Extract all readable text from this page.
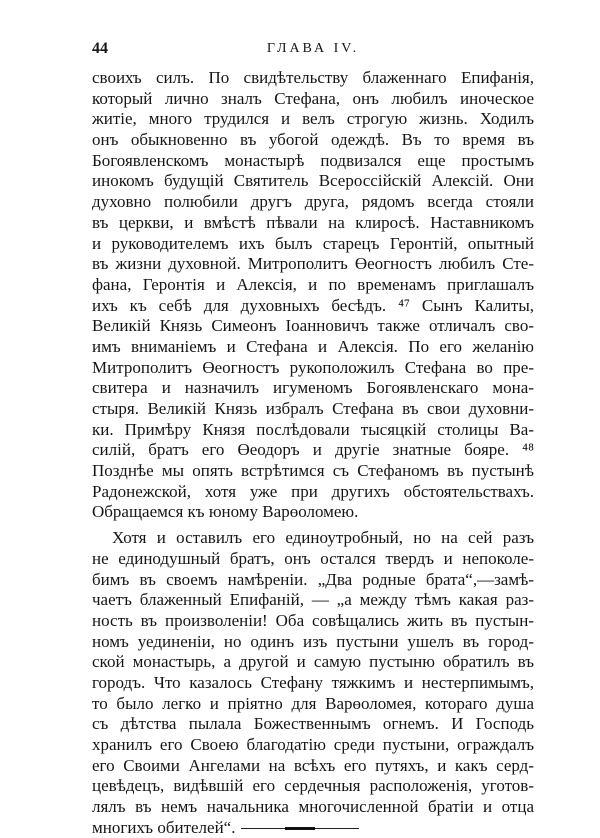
44	ГЛАВА IV.
своихъ силъ. По свидѣтельству блаженнаго Епифанія,
который лично зналъ Стефана, онъ любилъ иноческое
житіе, много трудился и велъ строгую жизнь. Ходилъ
онъ обыкновенно въ убогой одеждѣ. Въ то время въ
Богоявленскомъ монастырѣ подвизался еще простымъ
инокомъ будущій Святитель Всероссійскій Алексій. Они
духовно полюбили другъ друга, рядомъ всегда стояли
въ церкви, и вмѣстѣ пѣвали на клиросѣ. Наставникомъ
и руководителемъ ихъ былъ старецъ Геронтій, опытный
въ жизни духовной. Митрополитъ Өеогностъ любилъ Сте-
фана, Геронтія и Алексія, и по временамъ приглашалъ
ихъ къ себѣ для духовныхъ бесѣдъ. ⁴⁷ Сынъ Калиты,
Великій Князь Симеонъ Іоанновичъ также отличалъ сво-
имъ вниманіемъ и Стефана и Алексія. По его желанію
Митрополитъ Өеогностъ рукоположилъ Стефана во пре-
свитера и назначилъ игуменомъ Богоявленскаго мона-
стыря. Великій Князь избралъ Стефана въ свои духовни-
ки. Примѣру Князя послѣдовали тысяцкій столицы Ва-
силій, братъ его Өеодоръ и другіе знатные бояре. ⁴⁸
Позднѣе мы опять встрѣтимся съ Стефаномъ въ пустынѣ
Радонежской, хотя уже при другихъ обстоятельствахъ.
Обращаемся къ юному Варөоломею.
Хотя и оставилъ его единоутробный, но на сей разъ
не единодушный братъ, онъ остался твердъ и непоколе-
бимъ въ своемъ намѣреніи. „Два родные брата“,—замѣ-
чаетъ блаженный Епифаній, — „а между тѣмъ какая раз-
ность въ произволеніи! Оба совѣщались жить въ пустын-
номъ уединеніи, но одинъ изъ пустыни ушелъ въ город-
ской монастырь, а другой и самую пустыню обратилъ въ
городъ. Что казалось Стефану тяжкимъ и нестерпимымъ,
то было легко и пріятно для Варөоломея, котораго душа
съ дѣтства пылала Божественнымъ огнемъ. И Господь
хранилъ его Своею благодатію среди пустыни, ограждалъ
его Своими Ангелами на всѣхъ его путяхъ, и какъ серд-
цевѣдецъ, видѣвшій его сердечныя расположенія, уготов-
лялъ въ немъ начальника многочисленной братіи и отца
многихъ обителей“.
